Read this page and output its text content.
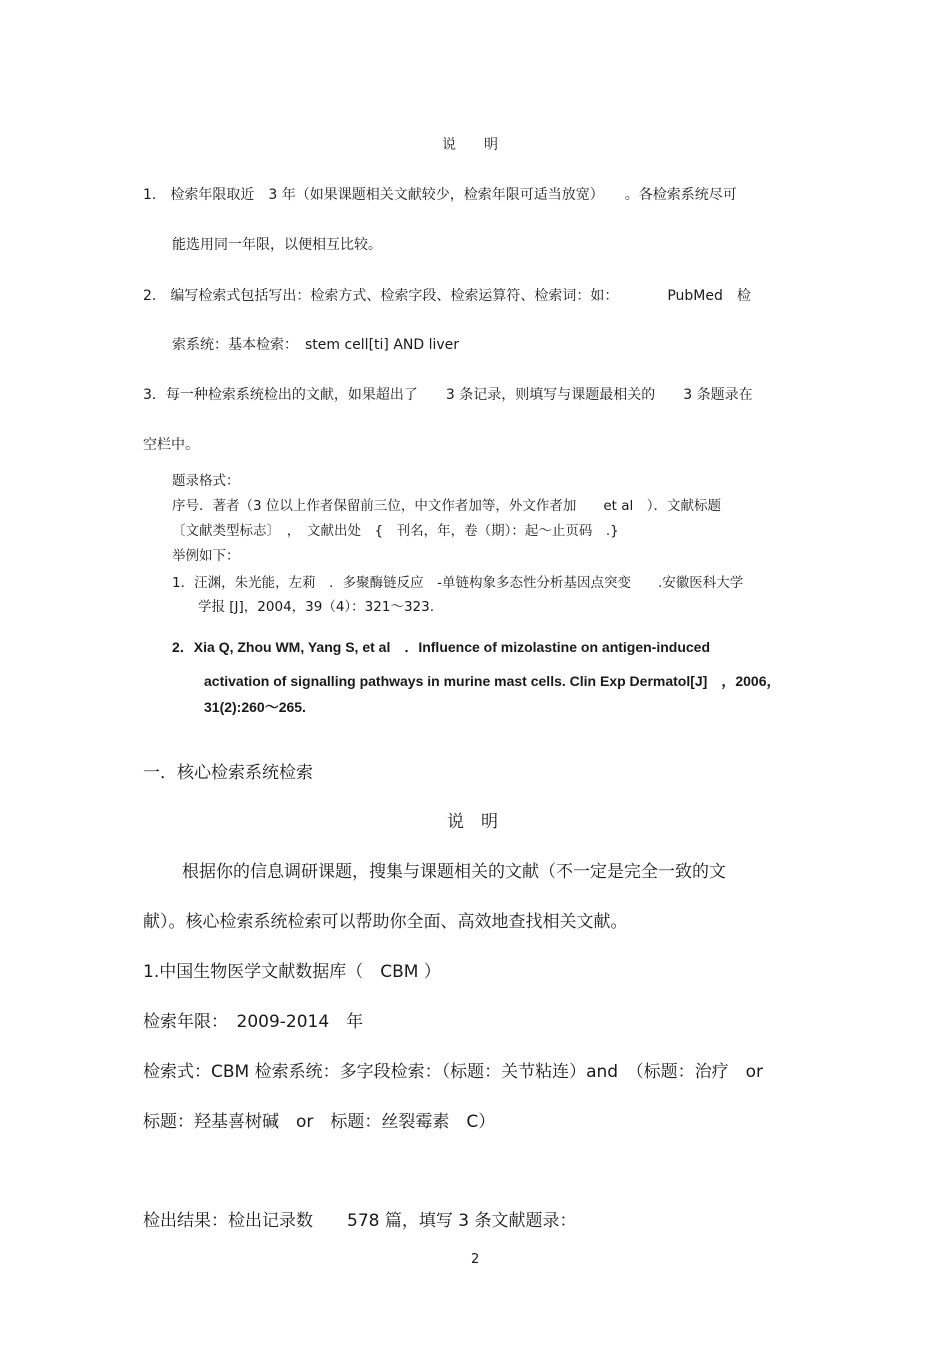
说　　明
1.　检索年限取近　3 年（如果课题相关文献较少，检索年限可适当放宽）　　。各检索系统尽可
能选用同一年限，以便相互比较。
2.　编写检索式包括写出：检索方式、检索字段、检索运算符、检索词：如：　　　　PubMed　检
索系统：基本检索：　stem cell[ti] AND liver
3．每一种检索系统检出的文献，如果超出了　　3 条记录，则填写与课题最相关的　　3 条题录在
空栏中。
题录格式：
序号．著者（3 位以上作者保留前三位，中文作者加等，外文作者加　　et al　）．文献标题
〔文献类型标志〕　，　文献出处　{　刊名，年，卷（期）：起～止页码　.}
举例如下：
1．汪渊，朱光能，左莉　．多聚酶链反应　-单链构象多态性分析基因点突变　　.安徽医科大学
学报 [J]，2004，39（4）：321～323.
2．Xia Q, Zhou WM, Yang S, et al　．Influence of mizolastine on antigen-induced
activation of signalling pathways in murine mast cells. Clin Exp Dermatol[J]　，2006，
31(2):260～265.
一．核心检索系统检索
说　明
根据你的信息调研课题，搜集与课题相关的文献（不一定是完全一致的文
献）。核心检索系统检索可以帮助你全面、高效地查找相关文献。
1.中国生物医学文献数据库（　CBM ）
检索年限：　2009-2014　年
检索式：CBM 检索系统：多字段检索：（标题：关节粘连）and　（标题：治疗　or
标题：羟基喜树碱　or　标题：丝裂霉素　C）
检出结果：检出记录数　　578 篇，填写 3 条文献题录：
2
